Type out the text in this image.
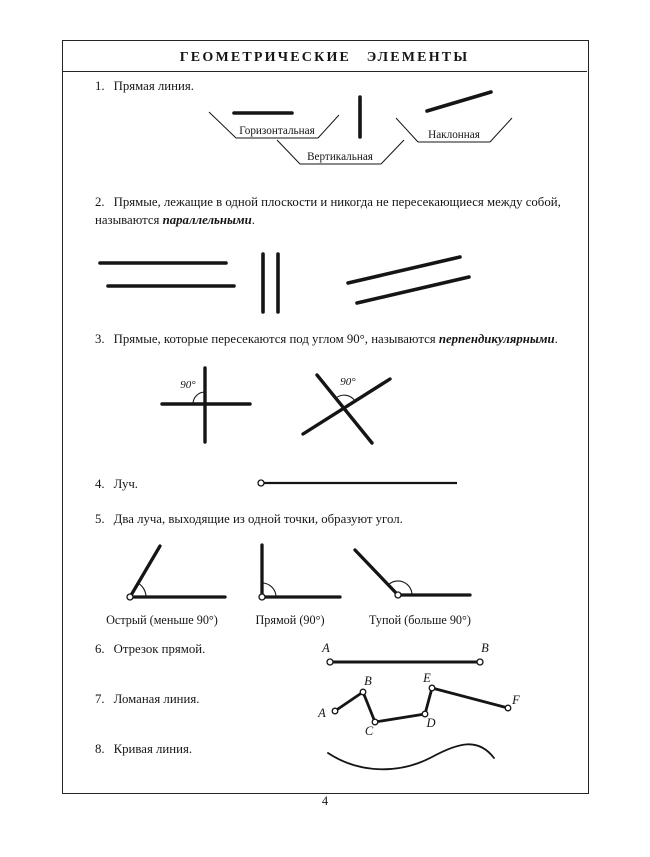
ГЕОМЕТРИЧЕСКИЕ ЭЛЕМЕНТЫ

1. Прямая линия.

Горизонтальная
Вертикальная
Наклонная

2. Прямые, лежащие в одной плоскости и никогда не пересекающиеся между собой, называются параллельными.

3. Прямые, которые пересекаются под углом 90°, называются перпендикулярными.

90°	90°

4. Луч.

5. Два луча, выходящие из одной точки, образуют угол.

Острый (меньше 90°)	Прямой (90°)	Тупой (больше 90°)

6. Отрезок прямой.	A	B

7. Ломаная линия.

A
B
C
D
E
F

8. Кривая линия.

4
